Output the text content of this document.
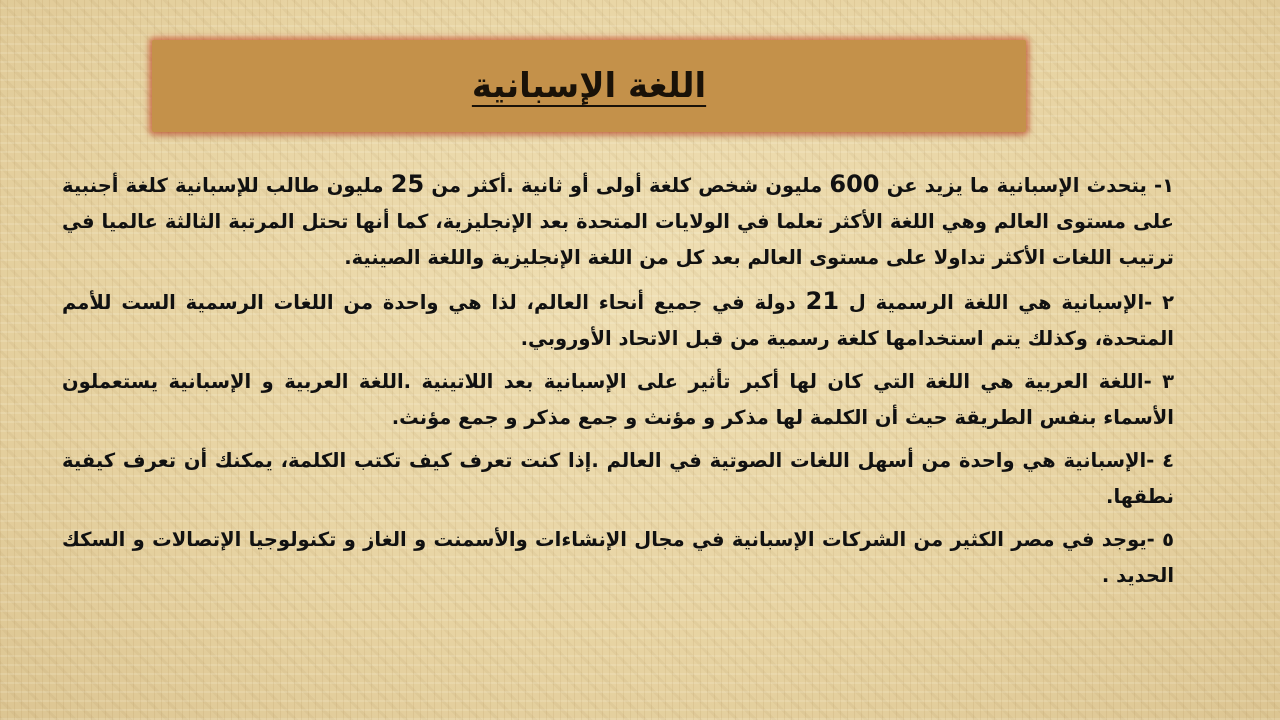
اللغة الإسبانية

١- يتحدث الإسبانية ما يزيد عن 600 مليون شخص كلغة أولى أو ثانية .أكثر من 25 مليون طالب للإسبانية كلغة أجنبية على مستوى العالم وهي اللغة الأكثر تعلما في الولايات المتحدة بعد الإنجليزية، كما أنها تحتل المرتبة الثالثة عالميا في ترتيب اللغات الأكثر تداولا على مستوى العالم بعد كل من اللغة الإنجليزية واللغة الصينية.

٢ -الإسبانية هي اللغة الرسمية ل 21 دولة في جميع أنحاء العالم، لذا هي واحدة من اللغات الرسمية الست للأمم المتحدة، وكذلك يتم استخدامها كلغة رسمية من قبل الاتحاد الأوروبي.

٣ -اللغة العربية هي اللغة التي كان لها أكبر تأثير على الإسبانية بعد اللاتينية .اللغة العربية و الإسبانية يستعملون الأسماء بنفس الطريقة حيث أن الكلمة لها مذكر و مؤنث و جمع مذكر و جمع مؤنث.

٤ -الإسبانية هي واحدة من أسهل اللغات الصوتية في العالم .إذا كنت تعرف كيف تكتب الكلمة، يمكنك أن تعرف كيفية نطقها.

٥ -يوجد في مصر الكثير من الشركات الإسبانية في مجال الإنشاءات والأسمنت و الغاز و تكنولوجيا الإتصالات و السكك الحديد .
